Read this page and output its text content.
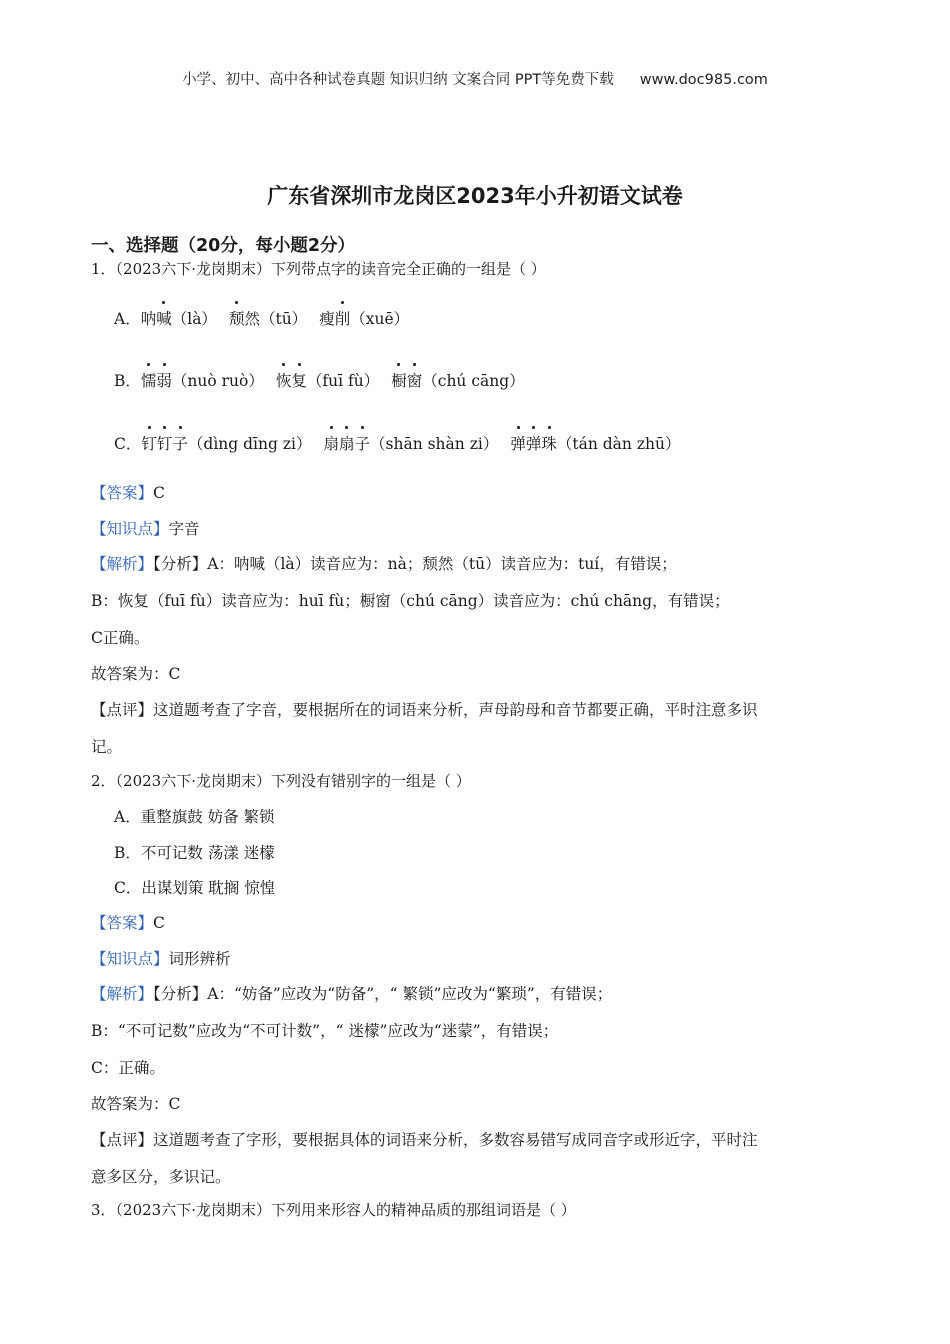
小学、初中、高中各种试卷真题 知识归纳 文案合同 PPT等免费下载 www.doc985.com
广东省深圳市龙岗区2023年小升初语文试卷
一、选择题（20分，每小题2分）
1．（2023六下·龙岗期末）下列带点字的读音完全正确的一组是（ ）
A．呐喊（là） 颓然（tū） 瘦削（xuē）
B．懦弱（nuò ruò） 恢复（fuī fù） 橱窗（chú cāng）
C．钉钉子（dìng dīng zi） 扇扇子（shān shàn zi） 弹弹珠（tán dàn zhū）
【答案】C
【知识点】字音
【解析】【分析】A：呐喊（là）读音应为：nà；颓然（tū）读音应为：tuí，有错误；
B：恢复（fuī fù）读音应为：huī fù；橱窗（chú cāng）读音应为：chú chāng，有错误；
C正确。
故答案为：C
【点评】这道题考查了字音，要根据所在的词语来分析，声母韵母和音节都要正确，平时注意多识
记。
2．（2023六下·龙岗期末）下列没有错别字的一组是（ ）
A．重整旗鼓 妨备 繁锁
B．不可记数 荡漾 迷檬
C．出谋划策 耽搁 惊惶
【答案】C
【知识点】词形辨析
【解析】【分析】A：“妨备”应改为“防备”，“ 繁锁”应改为“繁琐”，有错误；
B：“不可记数”应改为“不可计数”，“ 迷檬”应改为“迷蒙”，有错误；
C：正确。
故答案为：C
【点评】这道题考查了字形，要根据具体的词语来分析，多数容易错写成同音字或形近字，平时注
意多区分，多识记。
3．（2023六下·龙岗期末）下列用来形容人的精神品质的那组词语是（ ）
